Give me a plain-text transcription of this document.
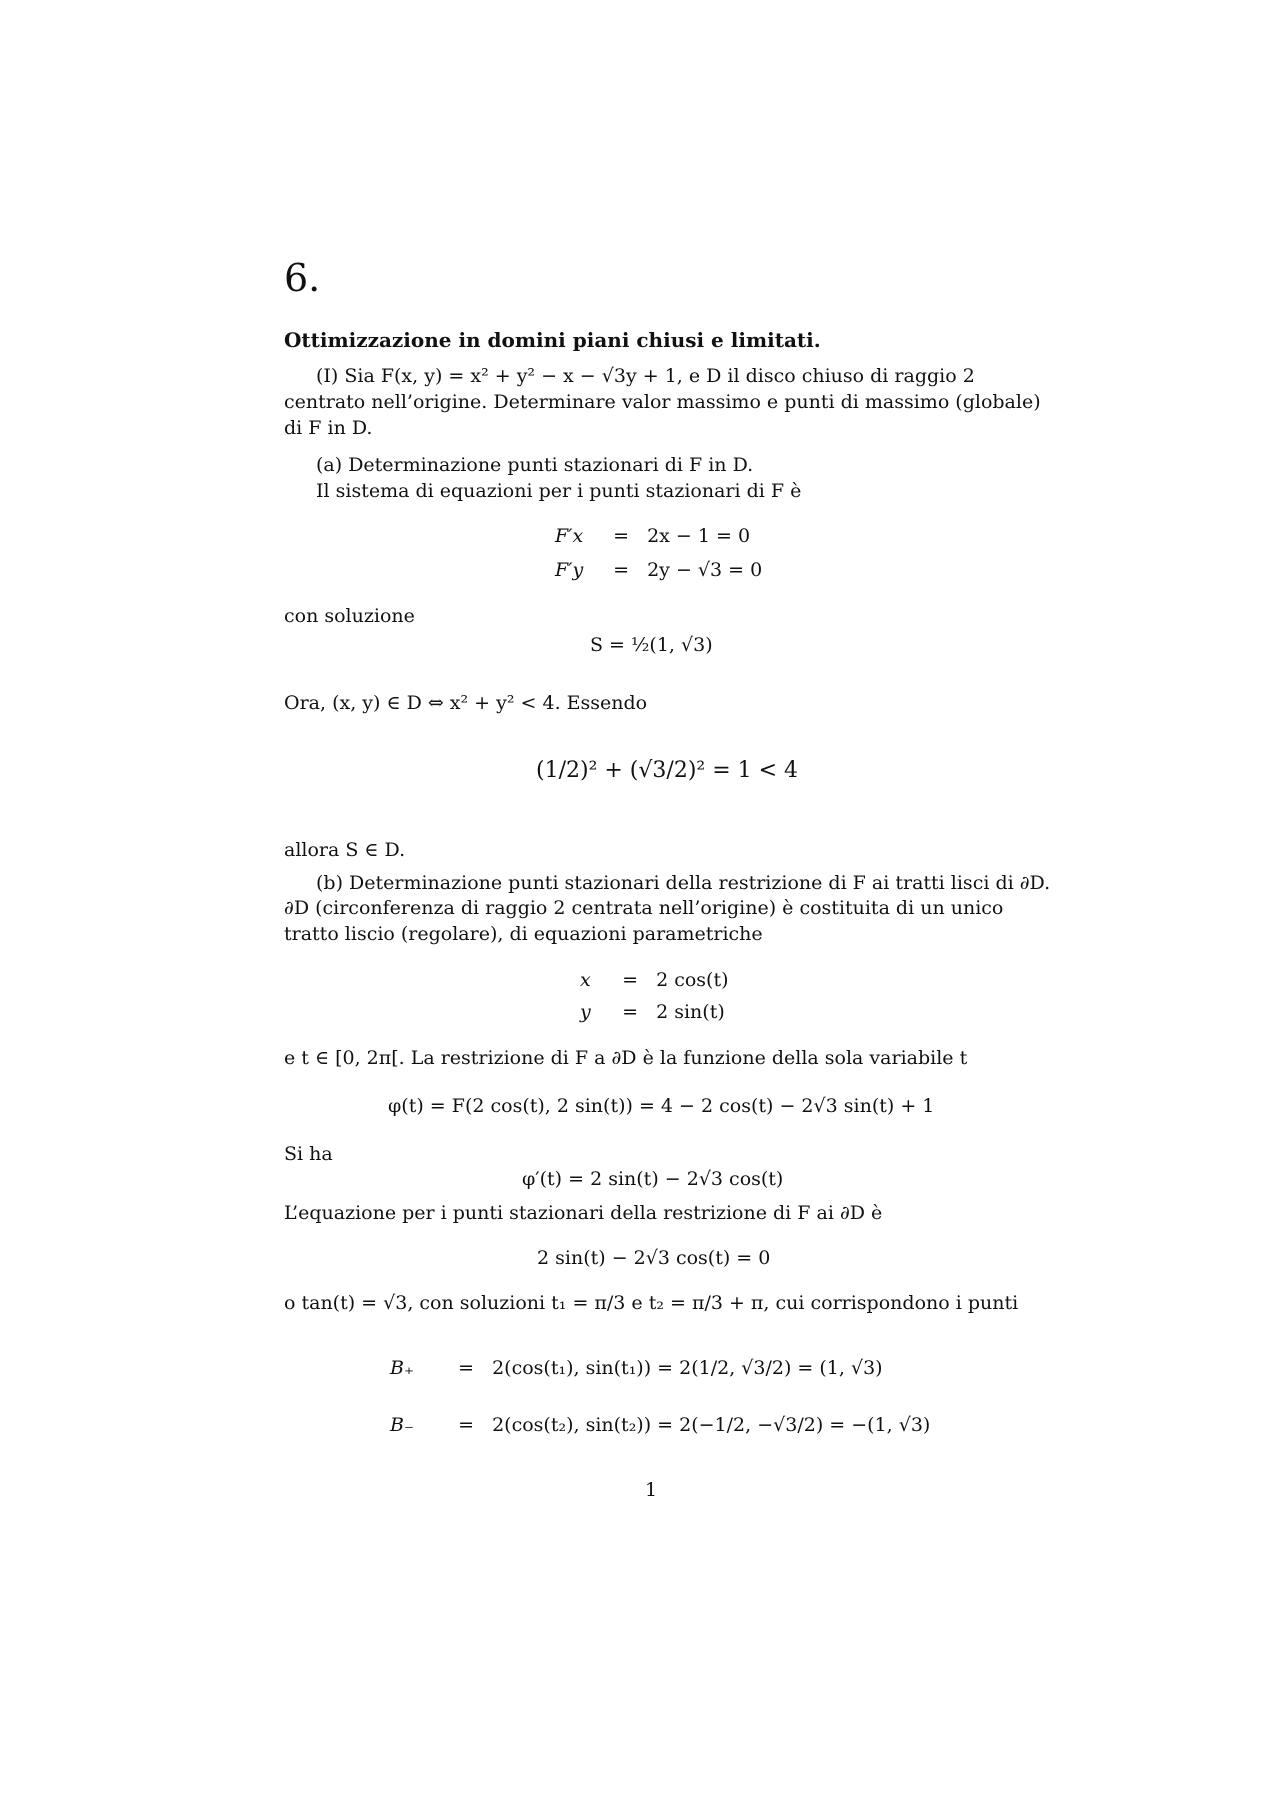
6.
Ottimizzazione in domini piani chiusi e limitati.
(I) Sia F(x, y) = x² + y² − x − √3y + 1, e D il disco chiuso di raggio 2
centrato nell’origine. Determinare valor massimo e punti di massimo (globale)
di F in D.
(a) Determinazione punti stazionari di F in D.
Il sistema di equazioni per i punti stazionari di F è
F′x = 2x − 1 = 0
F′y = 2y − √3 = 0
con soluzione
S = ½(1, √3)
Ora, (x, y) ∈ D ⇔ x² + y² < 4. Essendo
(1/2)² + (√3/2)² = 1 < 4
allora S ∈ D.
(b) Determinazione punti stazionari della restrizione di F ai tratti lisci di ∂D.
∂D (circonferenza di raggio 2 centrata nell’origine) è costituita di un unico
tratto liscio (regolare), di equazioni parametriche
x = 2 cos(t)
y = 2 sin(t)
e t ∈ [0, 2π[. La restrizione di F a ∂D è la funzione della sola variabile t
φ(t) = F(2 cos(t), 2 sin(t)) = 4 − 2 cos(t) − 2√3 sin(t) + 1
Si ha
φ′(t) = 2 sin(t) − 2√3 cos(t)
L’equazione per i punti stazionari della restrizione di F ai ∂D è
2 sin(t) − 2√3 cos(t) = 0
o tan(t) = √3, con soluzioni t₁ = π/3 e t₂ = π/3 + π, cui corrispondono i punti
B₊ = 2(cos(t₁), sin(t₁)) = 2(1/2, √3/2) = (1, √3)
B₋ = 2(cos(t₂), sin(t₂)) = 2(−1/2, −√3/2) = −(1, √3)
1
